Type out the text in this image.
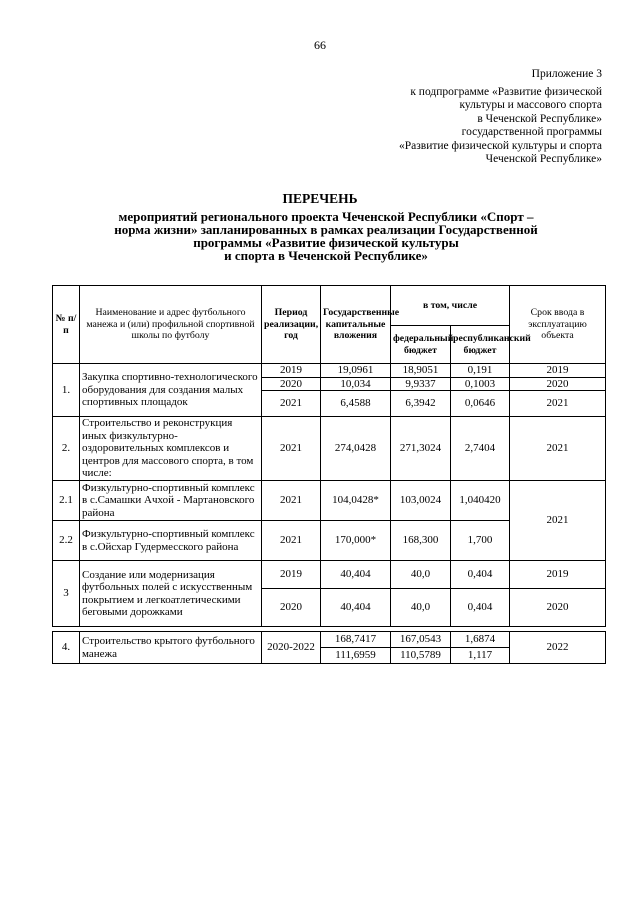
66
Приложение 3
к подпрограмме «Развитие физической
культуры и массового спорта
в Чеченской Республике»
государственной программы
«Развитие физической культуры и спорта
Чеченской Республике»
ПЕРЕЧЕНЬ
мероприятий регионального проекта Чеченской Республики «Спорт –
норма жизни» запланированных в рамках реализации Государственной
программы «Развитие физической культуры
и спорта в Чеченской Республике»
№ п/п	Наименование и адрес футбольного манежа и (или) профильной спортивной школы по футболу	Период реализации, год	Государственные капитальные вложения	в том, числе		Срок ввода в эксплуатацию объекта
				федеральный бюджет	республиканский бюджет	
1.	Закупка спортивно-технологического оборудования для создания малых спортивных площадок	2019	19,0961	18,9051	0,191	2019
		2020	10,034	9,9337	0,1003	2020
		2021	6,4588	6,3942	0,0646	2021
2.	Строительство и реконструкция иных физкультурно-оздоровительных комплексов и центров для массового спорта, в том числе:	2021	274,0428	271,3024	2,7404	2021
2.1	Физкультурно-спортивный комплекс в с.Самашки Ачхой - Мартановского района	2021	104,0428*	103,0024	1,040420	2021
2.2	Физкультурно-спортивный комплекс в с.Ойсхар Гудермесского района	2021	170,000*	168,300	1,700	
3	Создание или модернизация футбольных полей с искусственным покрытием и легкоатлетическими беговыми дорожками	2019	40,404	40,0	0,404	2019
		2020	40,404	40,0	0,404	2020

4.	Строительство крытого футбольного манежа	2020-2022	168,7417	167,0543	1,6874	2022
			111,6959	110,5789	1,117	
